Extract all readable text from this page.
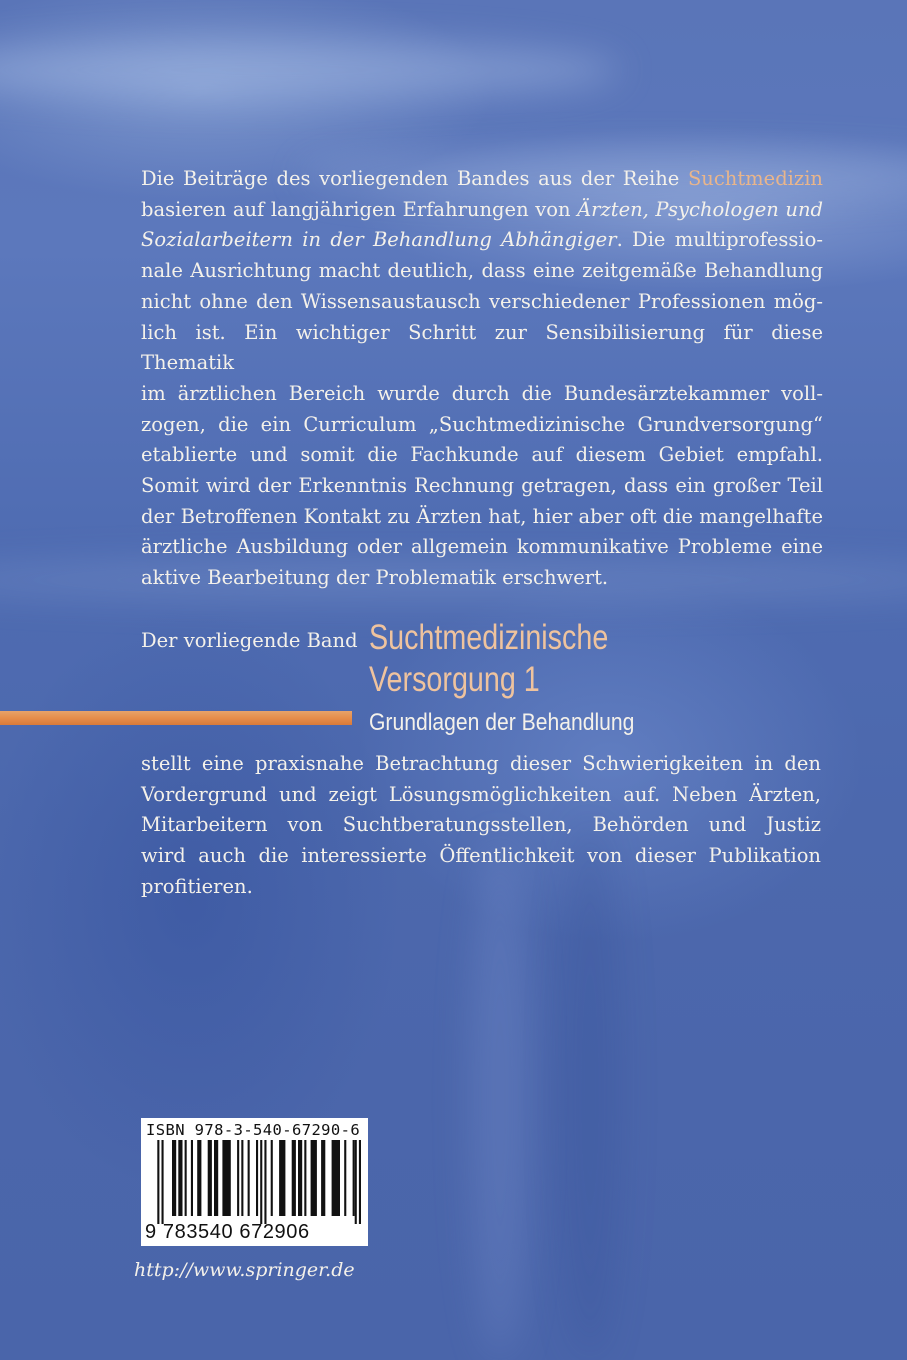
Die Beiträge des vorliegenden Bandes aus der Reihe Suchtmedizin
basieren auf langjährigen Erfahrungen von Ärzten, Psychologen und
Sozialarbeitern in der Behandlung Abhängiger. Die multiprofessio-
nale Ausrichtung macht deutlich, dass eine zeitgemäße Behandlung
nicht ohne den Wissensaustausch verschiedener Professionen mög-
lich ist. Ein wichtiger Schritt zur Sensibilisierung für diese Thematik
im ärztlichen Bereich wurde durch die Bundesärztekammer voll-
zogen, die ein Curriculum „Suchtmedizinische Grundversorgung“
etablierte und somit die Fachkunde auf diesem Gebiet empfahl.
Somit wird der Erkenntnis Rechnung getragen, dass ein großer Teil
der Betroffenen Kontakt zu Ärzten hat, hier aber oft die mangelhafte
ärztliche Ausbildung oder allgemein kommunikative Probleme eine
aktive Bearbeitung der Problematik erschwert.
Der vorliegende Band Suchtmedizinische
Versorgung 1
Grundlagen der Behandlung
stellt eine praxisnahe Betrachtung dieser Schwierigkeiten in den
Vordergrund und zeigt Lösungsmöglichkeiten auf. Neben Ärzten,
Mitarbeitern von Suchtberatungsstellen, Behörden und Justiz
wird auch die interessierte Öffentlichkeit von dieser Publikation
profitieren.
ISBN 978-3-540-67290-6
9 783540 672906
http://www.springer.de
